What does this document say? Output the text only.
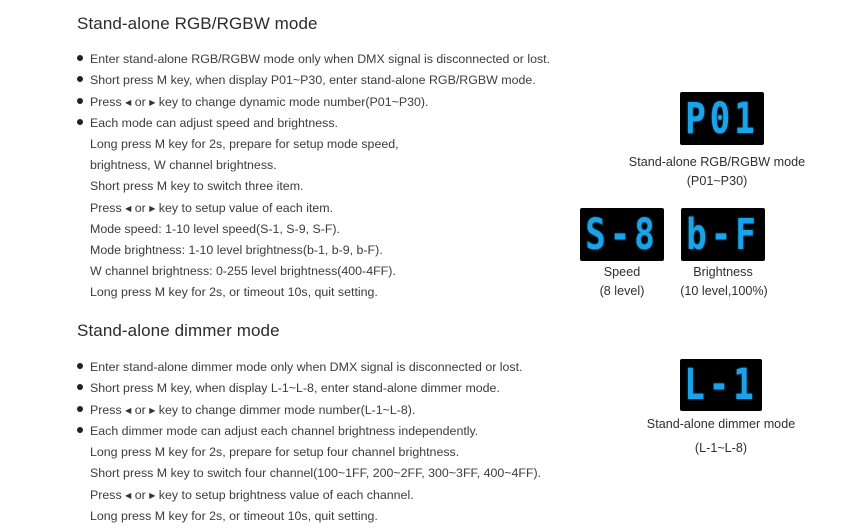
Stand-alone RGB/RGBW mode
Enter stand-alone RGB/RGBW mode only when DMX signal is disconnected or lost.
Short press M key, when display P01~P30, enter stand-alone RGB/RGBW mode.
Press ◀ or ▶ key to change dynamic mode number(P01~P30).
Each mode can adjust speed and brightness.
Long press M key for 2s, prepare for setup mode speed,
brightness, W channel brightness.
Short press M key to switch three item.
Press ◀ or ▶ key to setup value of each item.
Mode speed: 1-10 level speed(S-1, S-9, S-F).
Mode brightness: 1-10 level brightness(b-1, b-9, b-F).
W channel brightness: 0-255 level brightness(400-4FF).
Long press M key for 2s, or timeout 10s, quit setting.
Stand-alone dimmer mode
Enter stand-alone dimmer mode only when DMX signal is disconnected or lost.
Short press M key, when display L-1~L-8, enter stand-alone dimmer mode.
Press ◀ or ▶ key to change dimmer mode number(L-1~L-8).
Each dimmer mode can adjust each channel brightness independently.
Long press M key for 2s, prepare for setup four channel brightness.
Short press M key to switch four channel(100~1FF, 200~2FF, 300~3FF, 400~4FF).
Press ◀ or ▶ key to setup brightness value of each channel.
Long press M key for 2s, or timeout 10s, quit setting.
P01
Stand-alone RGB/RGBW mode
(P01~P30)
S-8
Speed
(8 level)
b-F
Brightness
(10 level,100%)
L-1
Stand-alone dimmer mode
(L-1~L-8)
